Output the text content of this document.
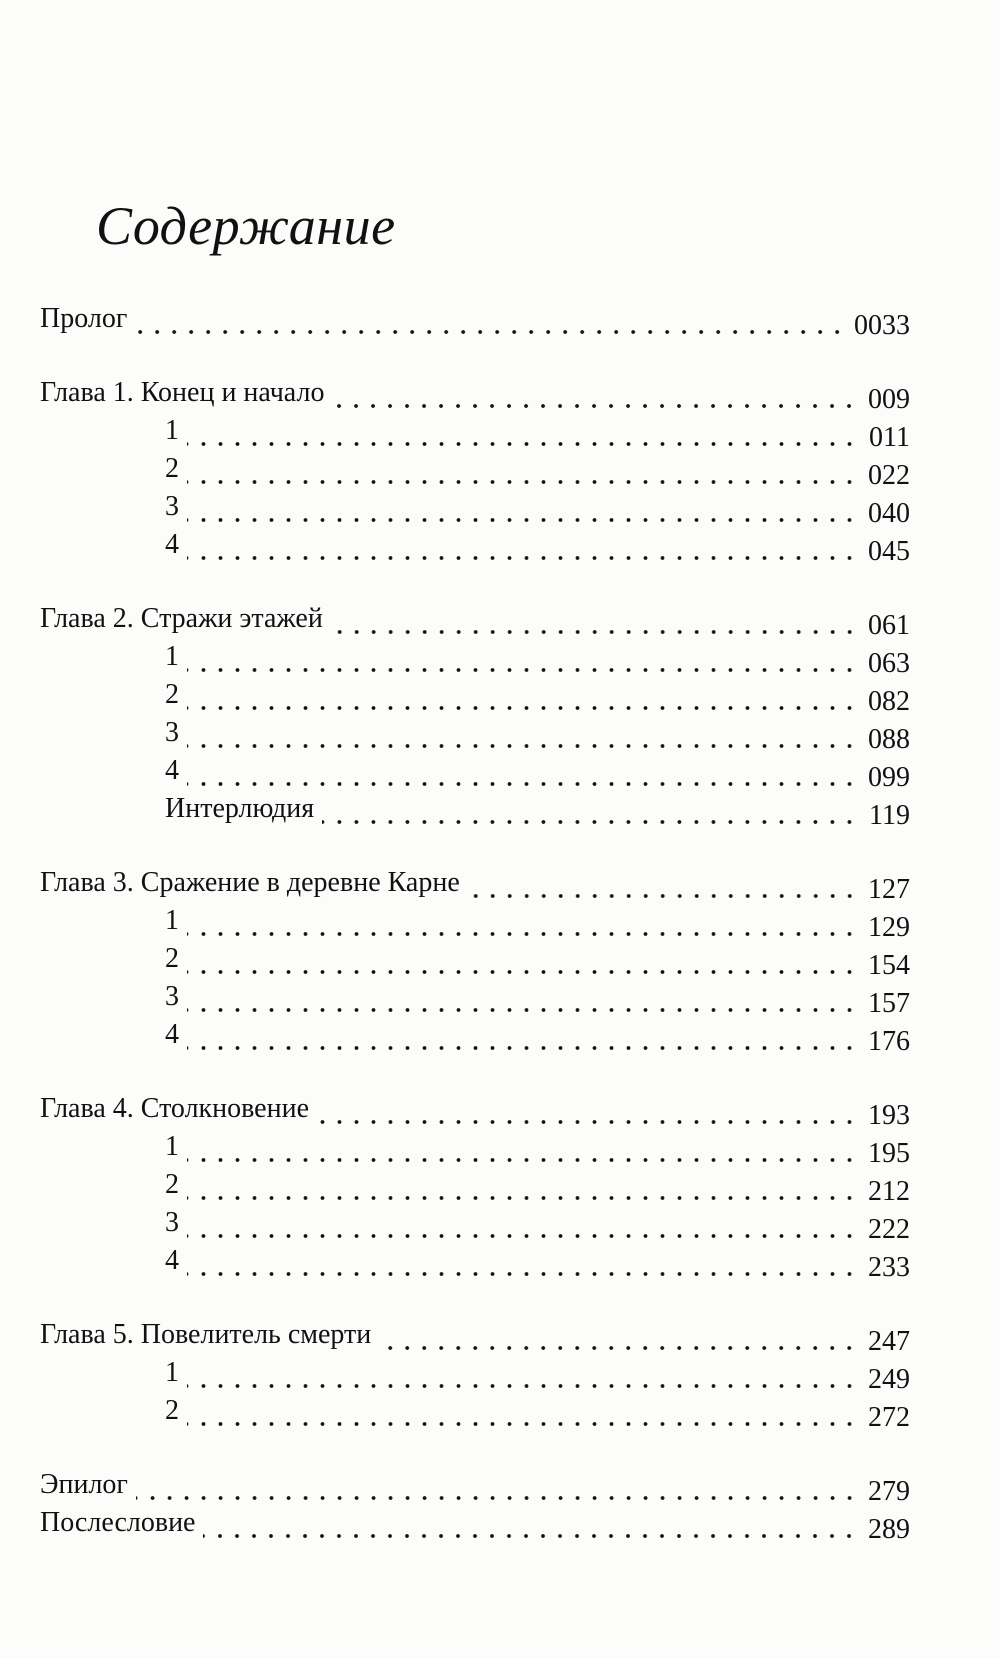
Содержание
Пролог	0033
Глава 1. Конец и начало	009
1	011
2	022
3	040
4	045
Глава 2. Стражи этажей	061
1	063
2	082
3	088
4	099
Интерлюдия	119
Глава 3. Сражение в деревне Карне	127
1	129
2	154
3	157
4	176
Глава 4. Столкновение	193
1	195
2	212
3	222
4	233
Глава 5. Повелитель смерти	247
1	249
2	272
Эпилог	279
Послесловие	289
